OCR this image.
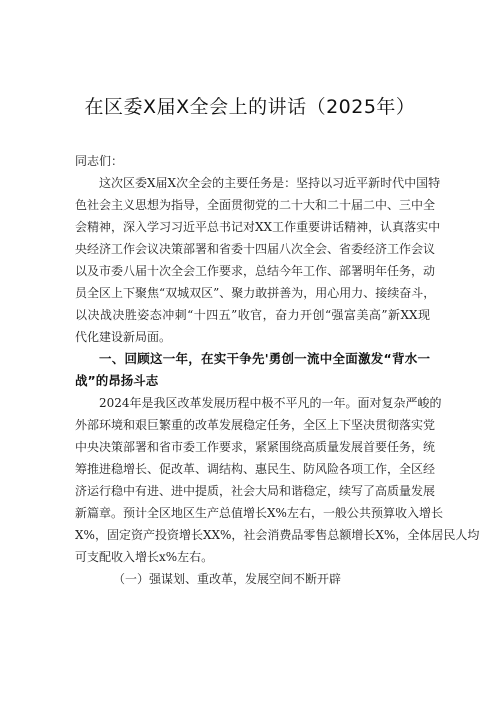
在区委X届X全会上的讲话（2025年）
同志们：
这次区委X届X次全会的主要任务是：坚持以习近平新时代中国特
色社会主义思想为指导，全面贯彻党的二十大和二十届二中、三中全
会精神，深入学习习近平总书记对XX工作重要讲话精神，认真落实中
央经济工作会议决策部署和省委十四届八次全会、省委经济工作会议
以及市委八届十次全会工作要求，总结今年工作、部署明年任务，动
员全区上下聚焦“双城双区”、聚力敢拼善为，用心用力、接续奋斗，
以决战决胜姿态冲刺“十四五”收官，奋力开创“强富美高”新XX现
代化建设新局面。
一、回顾这一年，在实干争先'勇创一流中全面激发“背水一
战”的昂扬斗志
2024年是我区改革发展历程中极不平凡的一年。面对复杂严峻的
外部环境和艰巨繁重的改革发展稳定任务，全区上下坚决贯彻落实党
中央决策部署和省市委工作要求，紧紧围绕高质量发展首要任务，统
筹推进稳增长、促改革、调结构、惠民生、防风险各项工作，全区经
济运行稳中有进、进中提质，社会大局和谐稳定，续写了高质量发展
新篇章。预计全区地区生产总值增长X%左右，一般公共预算收入增长
X%，固定资产投资增长XX%，社会消费品零售总额增长X%，全体居民人均
可支配收入增长x%左右。
（一）强谋划、重改革，发展空间不断开辟
